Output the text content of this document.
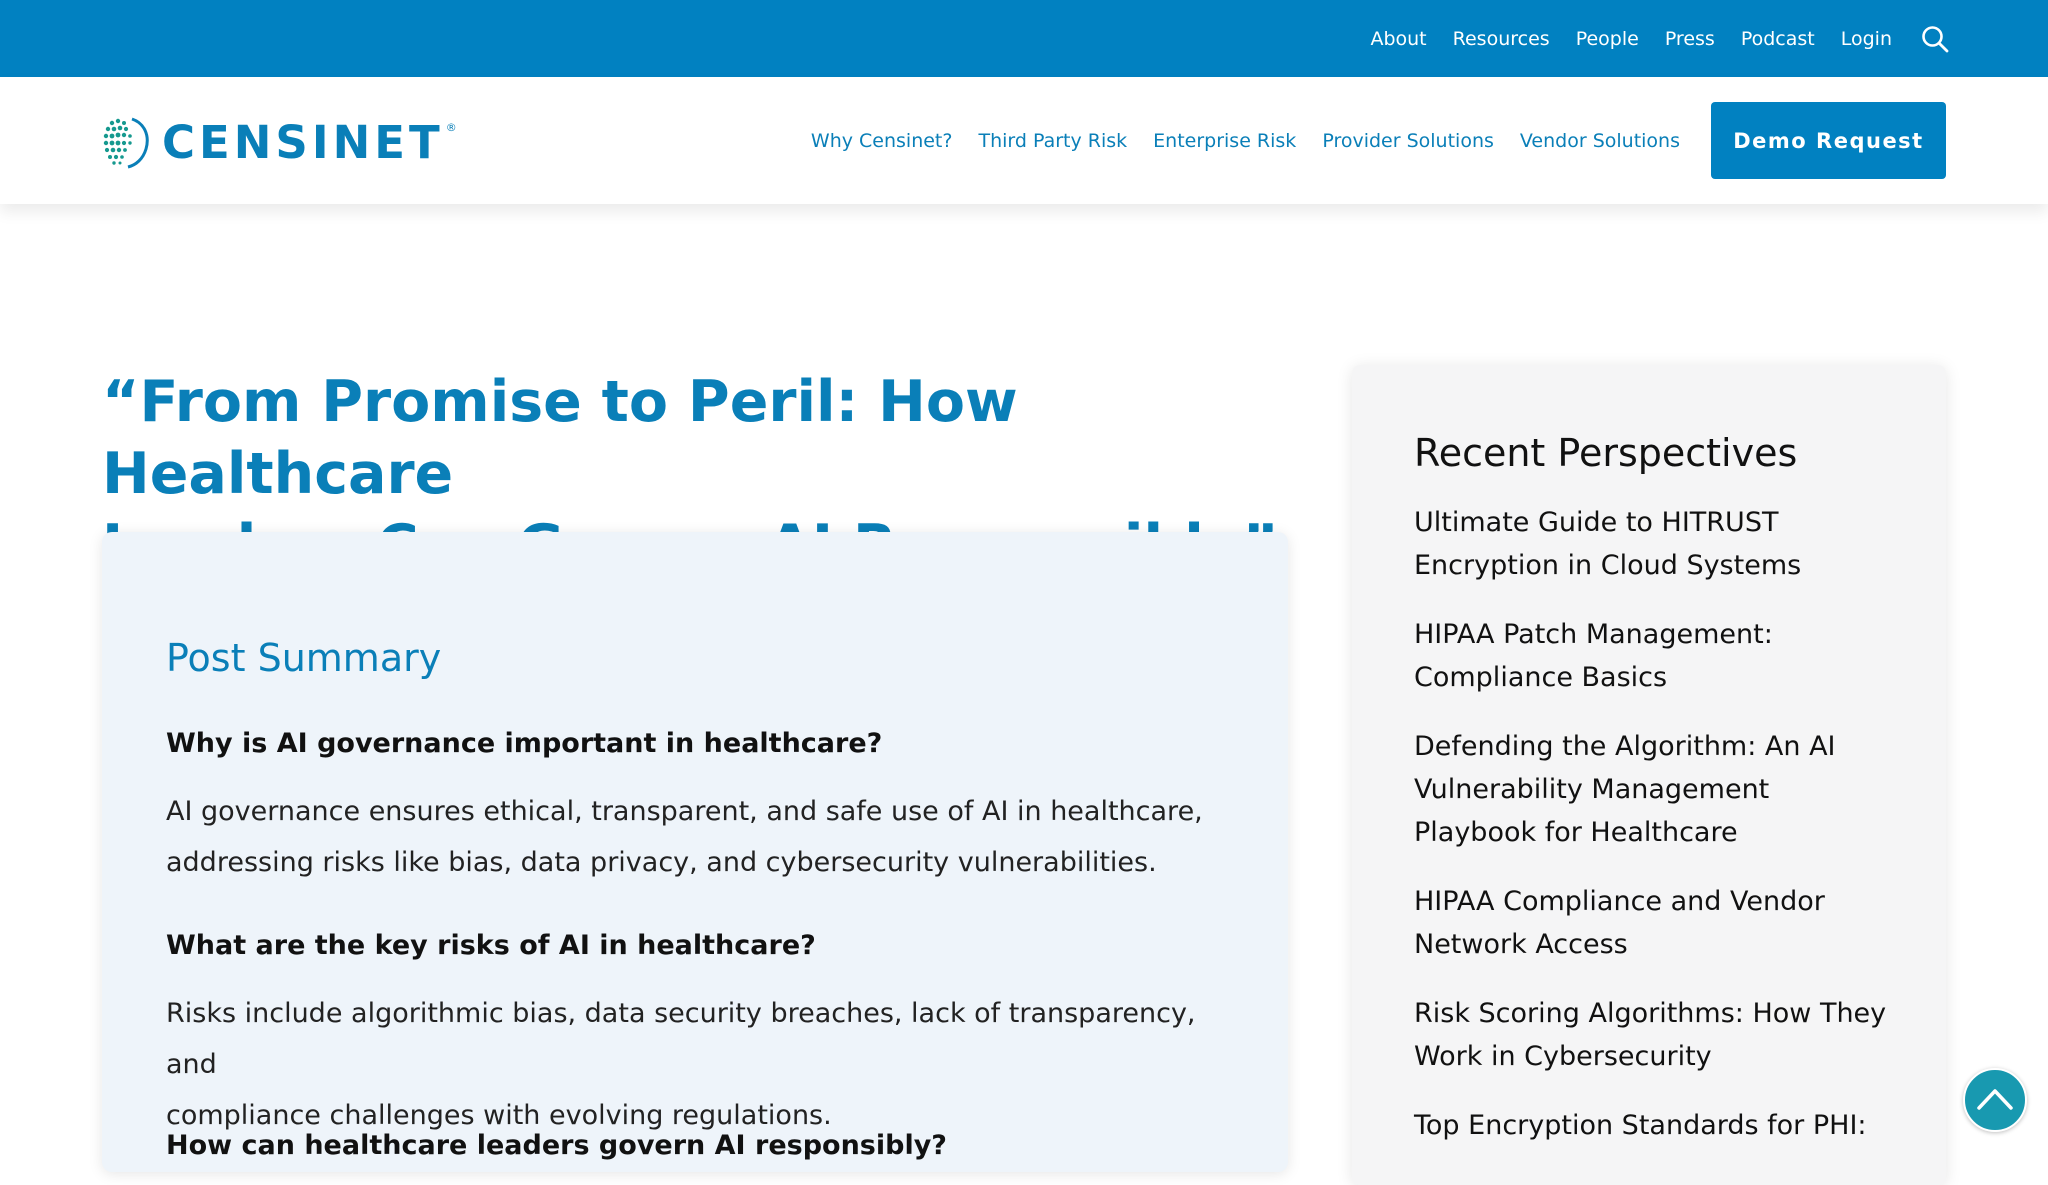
About Resources People Press Podcast Login
CENSINET ®
Why Censinet? Third Party Risk Enterprise Risk Provider Solutions Vendor Solutions	Demo Request
“From Promise to Peril: How Healthcare

Post Summary
Why is AI governance important in healthcare?
AI governance ensures ethical, transparent, and safe use of AI in healthcare,
addressing risks like bias, data privacy, and cybersecurity vulnerabilities.
What are the key risks of AI in healthcare?
Risks include algorithmic bias, data security breaches, lack of transparency, and
compliance challenges with evolving regulations.
How can healthcare leaders govern AI responsibly?
Recent Perspectives
Ultimate Guide to HITRUST
Encryption in Cloud Systems
HIPAA Patch Management:
Compliance Basics
Defending the Algorithm: An AI
Vulnerability Management
Playbook for Healthcare
HIPAA Compliance and Vendor
Network Access
Risk Scoring Algorithms: How They
Work in Cybersecurity
Top Encryption Standards for PHI:
